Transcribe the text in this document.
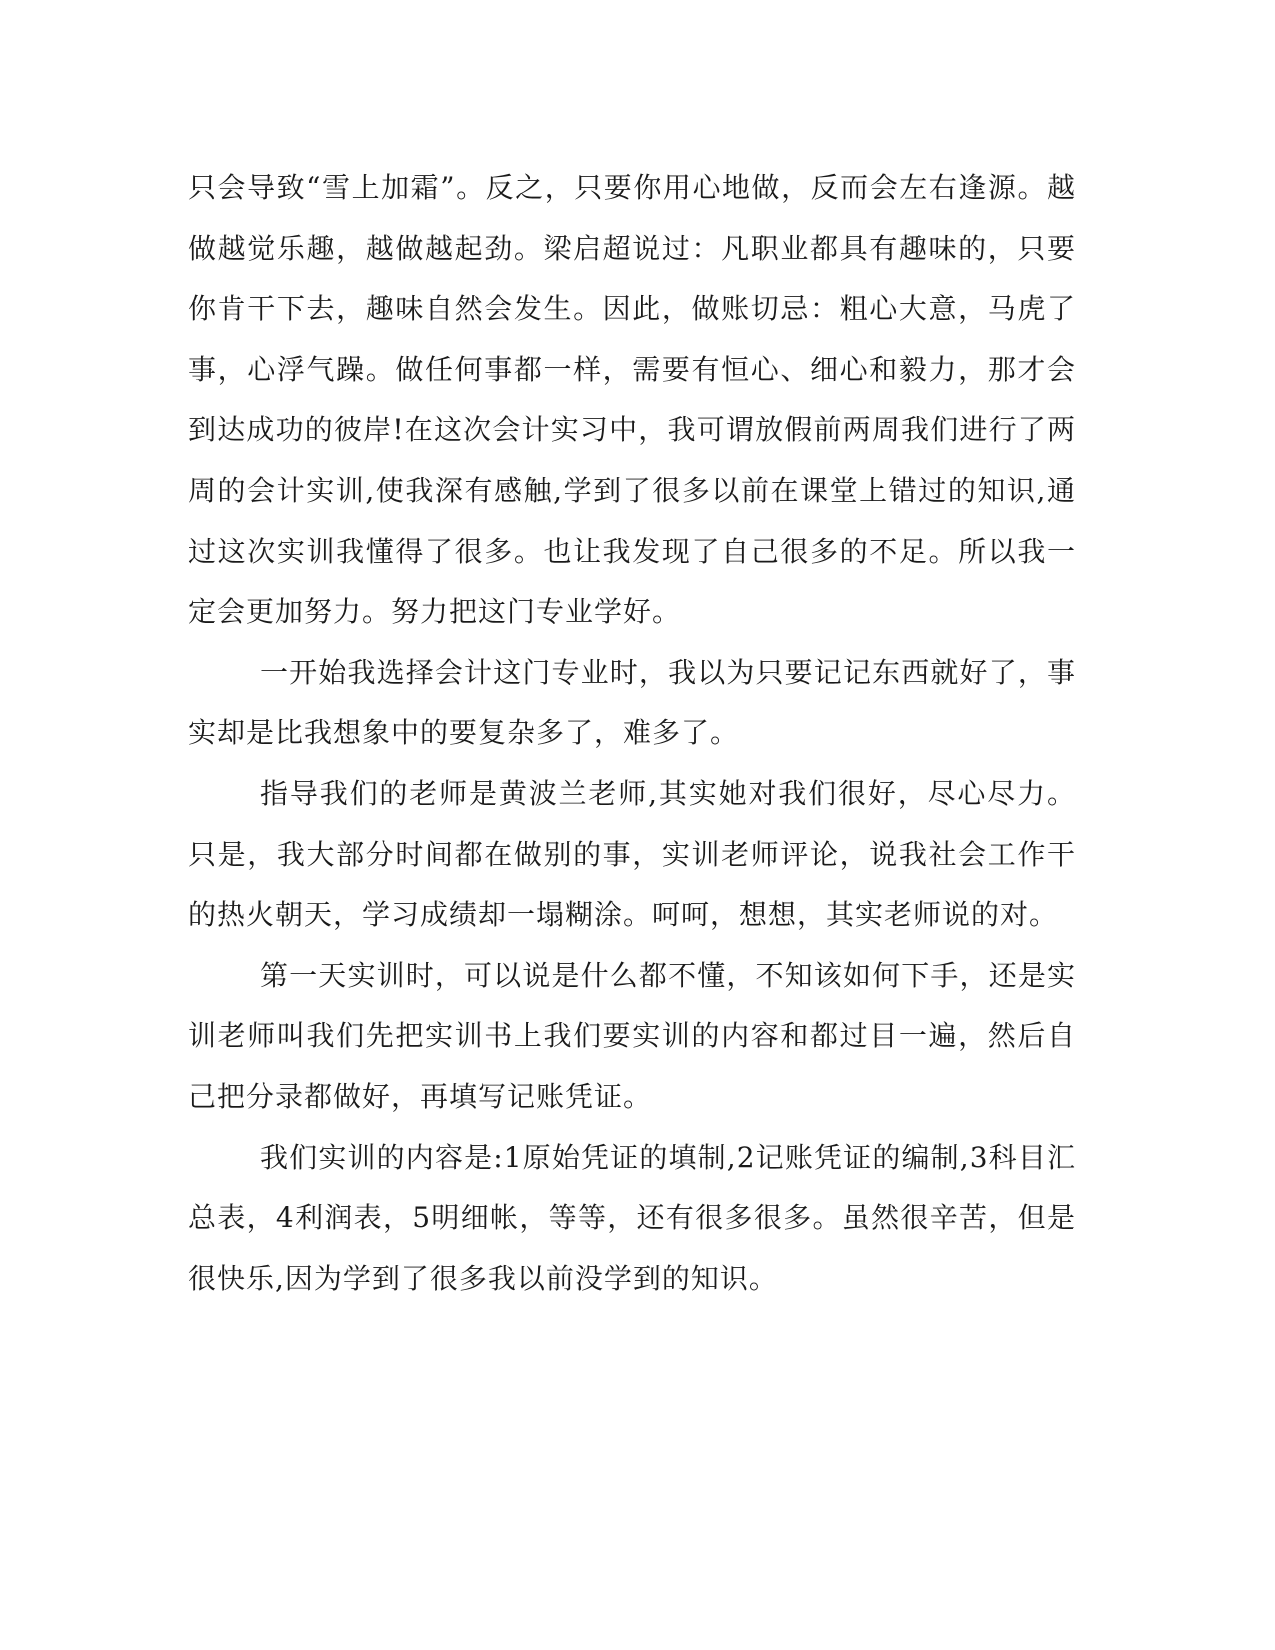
只会导致“雪上加霜”。反之，只要你用心地做，反而会左右逢源。越做越觉乐趣，越做越起劲。梁启超说过：凡职业都具有趣味的，只要你肯干下去，趣味自然会发生。因此，做账切忌：粗心大意，马虎了事，心浮气躁。做任何事都一样，需要有恒心、细心和毅力，那才会到达成功的彼岸!在这次会计实习中，我可谓放假前两周我们进行了两周的会计实训,使我深有感触,学到了很多以前在课堂上错过的知识,通过这次实训我懂得了很多。也让我发现了自己很多的不足。所以我一定会更加努力。努力把这门专业学好。

一开始我选择会计这门专业时，我以为只要记记东西就好了，事实却是比我想象中的要复杂多了，难多了。

指导我们的老师是黄波兰老师,其实她对我们很好，尽心尽力。只是，我大部分时间都在做别的事，实训老师评论，说我社会工作干的热火朝天，学习成绩却一塌糊涂。呵呵，想想，其实老师说的对。

第一天实训时，可以说是什么都不懂，不知该如何下手，还是实训老师叫我们先把实训书上我们要实训的内容和都过目一遍，然后自己把分录都做好，再填写记账凭证。

我们实训的内容是:1原始凭证的填制,2记账凭证的编制,3科目汇总表，4利润表，5明细帐，等等，还有很多很多。虽然很辛苦，但是很快乐,因为学到了很多我以前没学到的知识。
